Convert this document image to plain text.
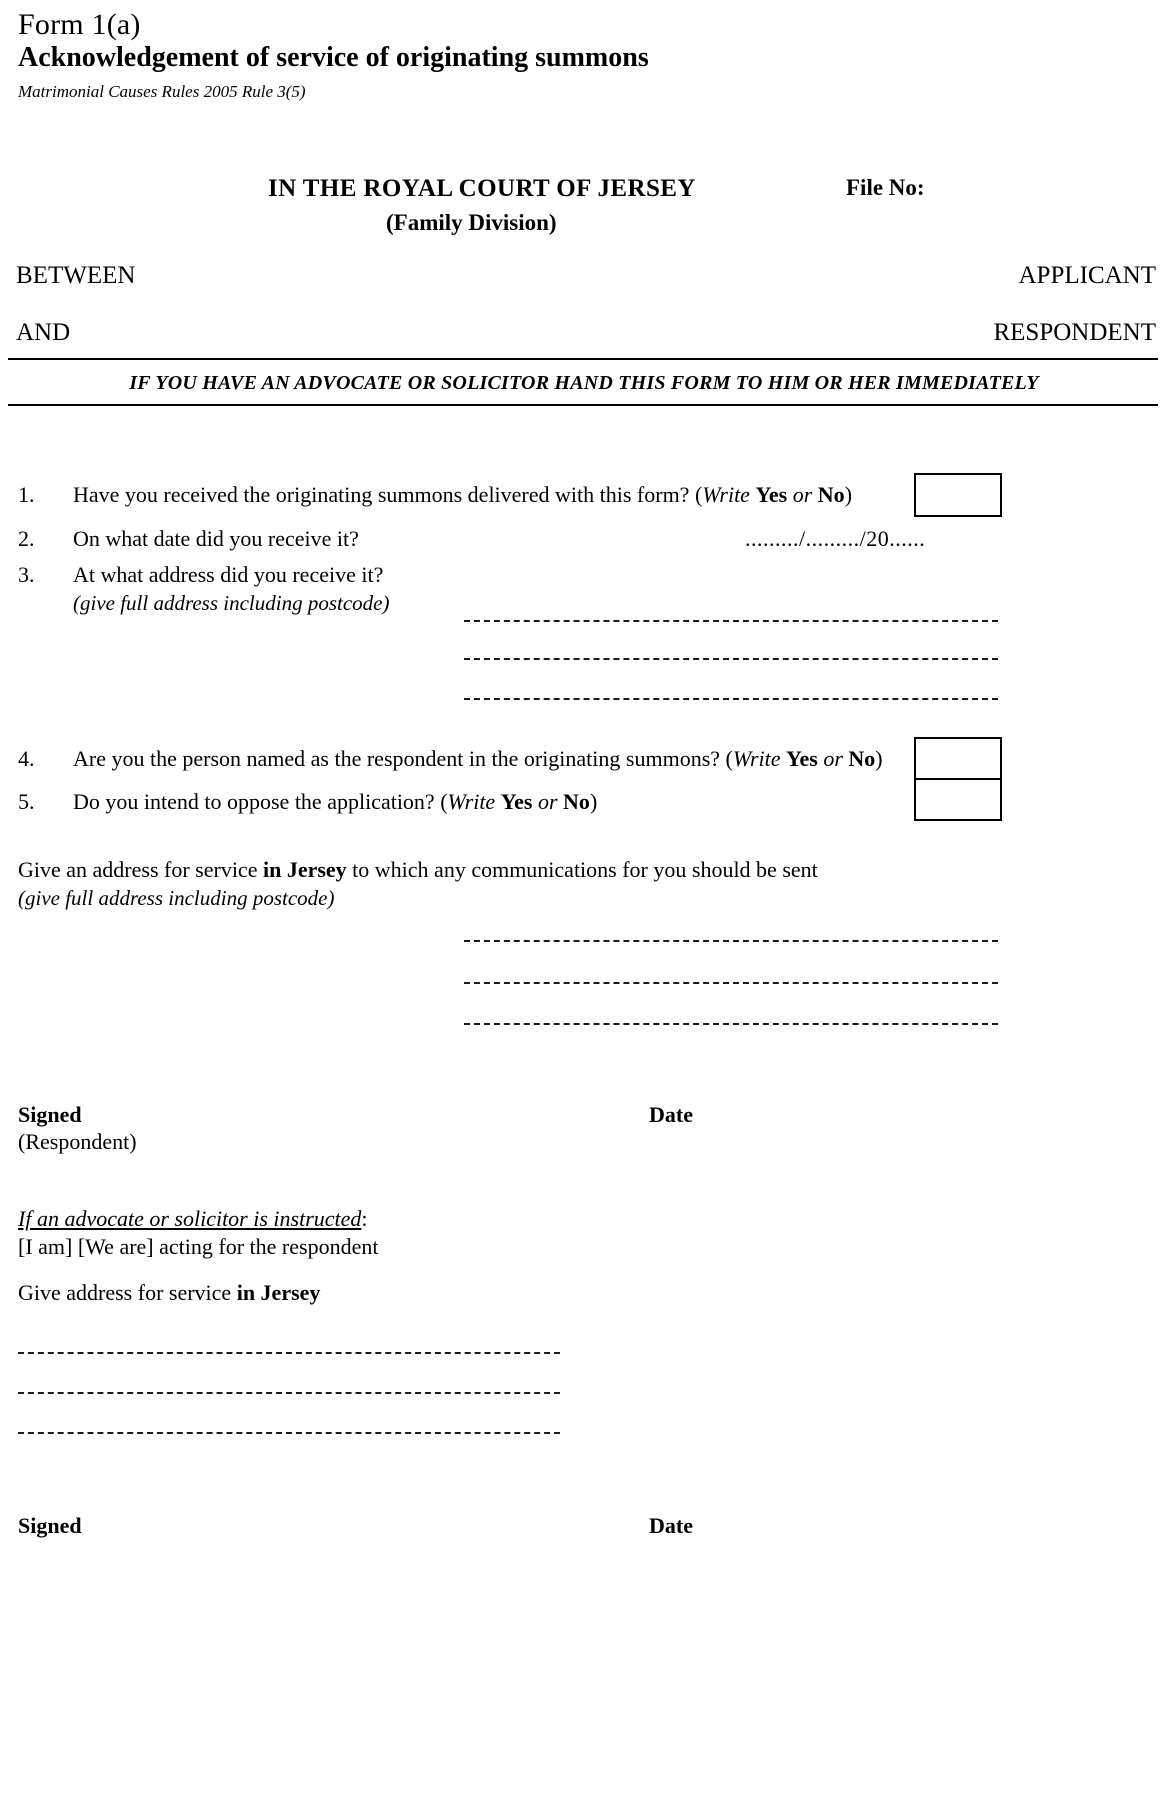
Form 1(a)
Acknowledgement of service of originating summons
Matrimonial Causes Rules 2005 Rule 3(5)
IN THE ROYAL COURT OF JERSEY
(Family Division)
File No:
BETWEEN	APPLICANT
AND	RESPONDENT
IF YOU HAVE AN ADVOCATE OR SOLICITOR HAND THIS FORM TO HIM OR HER IMMEDIATELY
1. Have you received the originating summons delivered with this form? (Write Yes or No)
2. On what date did you receive it?	........./........./20......
3. At what address did you receive it?
(give full address including postcode)
4. Are you the person named as the respondent in the originating summons? (Write Yes or No)
5. Do you intend to oppose the application? (Write Yes or No)
Give an address for service in Jersey to which any communications for you should be sent
(give full address including postcode)
Signed
(Respondent)
Date
If an advocate or solicitor is instructed:
[I am] [We are] acting for the respondent
Give address for service in Jersey
Signed	Date
